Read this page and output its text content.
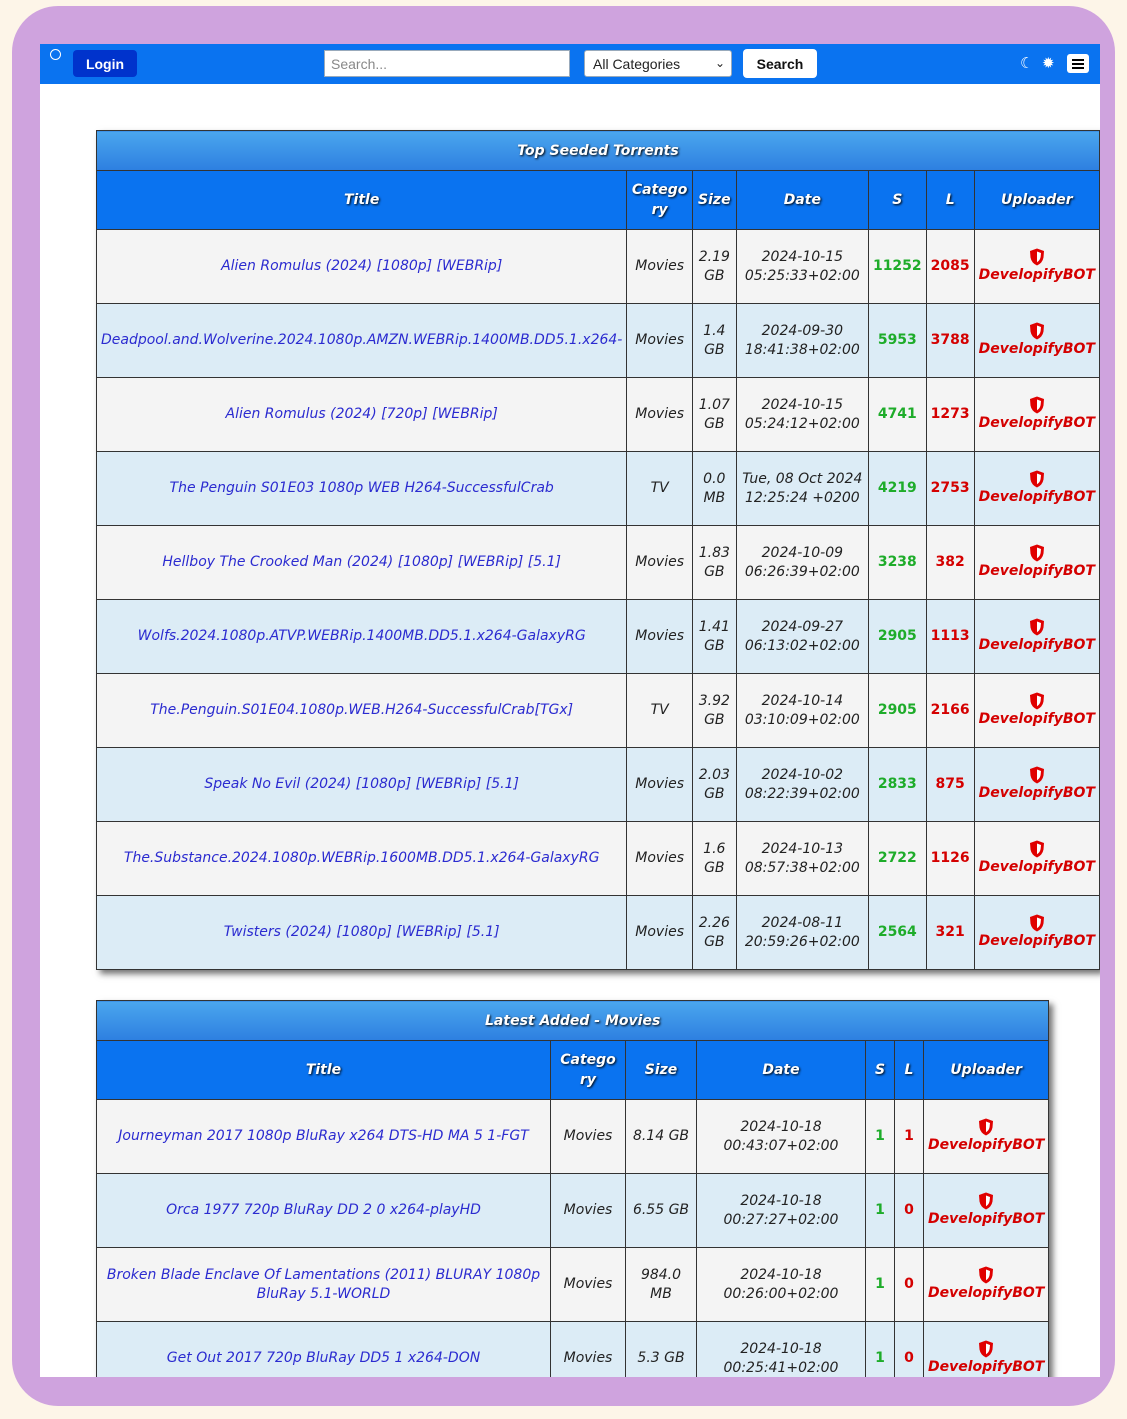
Login	Search...	All Categories	⌄	Search	☾ ✹
Top Seeded Torrents						
Title	Catego ry	Size	Date	S	L	Uploader
Alien Romulus (2024) [1080p] [WEBRip]	Movies	2.19 GB	2024-10-15 05:25:33+02:00	11252	2085	DevelopifyBOT
Deadpool.and.Wolverine.2024.1080p.AMZN.WEBRip.1400MB.DD5.1.x264-	Movies	1.4 GB	2024-09-30 18:41:38+02:00	5953	3788	DevelopifyBOT
Alien Romulus (2024) [720p] [WEBRip]	Movies	1.07 GB	2024-10-15 05:24:12+02:00	4741	1273	DevelopifyBOT
The Penguin S01E03 1080p WEB H264-SuccessfulCrab	TV	0.0 MB	Tue, 08 Oct 2024 12:25:24 +0200	4219	2753	DevelopifyBOT
Hellboy The Crooked Man (2024) [1080p] [WEBRip] [5.1]	Movies	1.83 GB	2024-10-09 06:26:39+02:00	3238	382	DevelopifyBOT
Wolfs.2024.1080p.ATVP.WEBRip.1400MB.DD5.1.x264-GalaxyRG	Movies	1.41 GB	2024-09-27 06:13:02+02:00	2905	1113	DevelopifyBOT
The.Penguin.S01E04.1080p.WEB.H264-SuccessfulCrab[TGx]	TV	3.92 GB	2024-10-14 03:10:09+02:00	2905	2166	DevelopifyBOT
Speak No Evil (2024) [1080p] [WEBRip] [5.1]	Movies	2.03 GB	2024-10-02 08:22:39+02:00	2833	875	DevelopifyBOT
The.Substance.2024.1080p.WEBRip.1600MB.DD5.1.x264-GalaxyRG	Movies	1.6 GB	2024-10-13 08:57:38+02:00	2722	1126	DevelopifyBOT
Twisters (2024) [1080p] [WEBRip] [5.1]	Movies	2.26 GB	2024-08-11 20:59:26+02:00	2564	321	DevelopifyBOT
Latest Added - Movies						
Title	Catego ry	Size	Date	S	L	Uploader
Journeyman 2017 1080p BluRay x264 DTS-HD MA 5 1-FGT	Movies	8.14 GB	2024-10-18 00:43:07+02:00	1	1	DevelopifyBOT
Orca 1977 720p BluRay DD 2 0 x264-playHD	Movies	6.55 GB	2024-10-18 00:27:27+02:00	1	0	DevelopifyBOT
Broken Blade Enclave Of Lamentations (2011) BLURAY 1080p BluRay 5.1-WORLD	Movies	984.0 MB	2024-10-18 00:26:00+02:00	1	0	DevelopifyBOT
Get Out 2017 720p BluRay DD5 1 x264-DON	Movies	5.3 GB	2024-10-18 00:25:41+02:00	1	0	DevelopifyBOT
